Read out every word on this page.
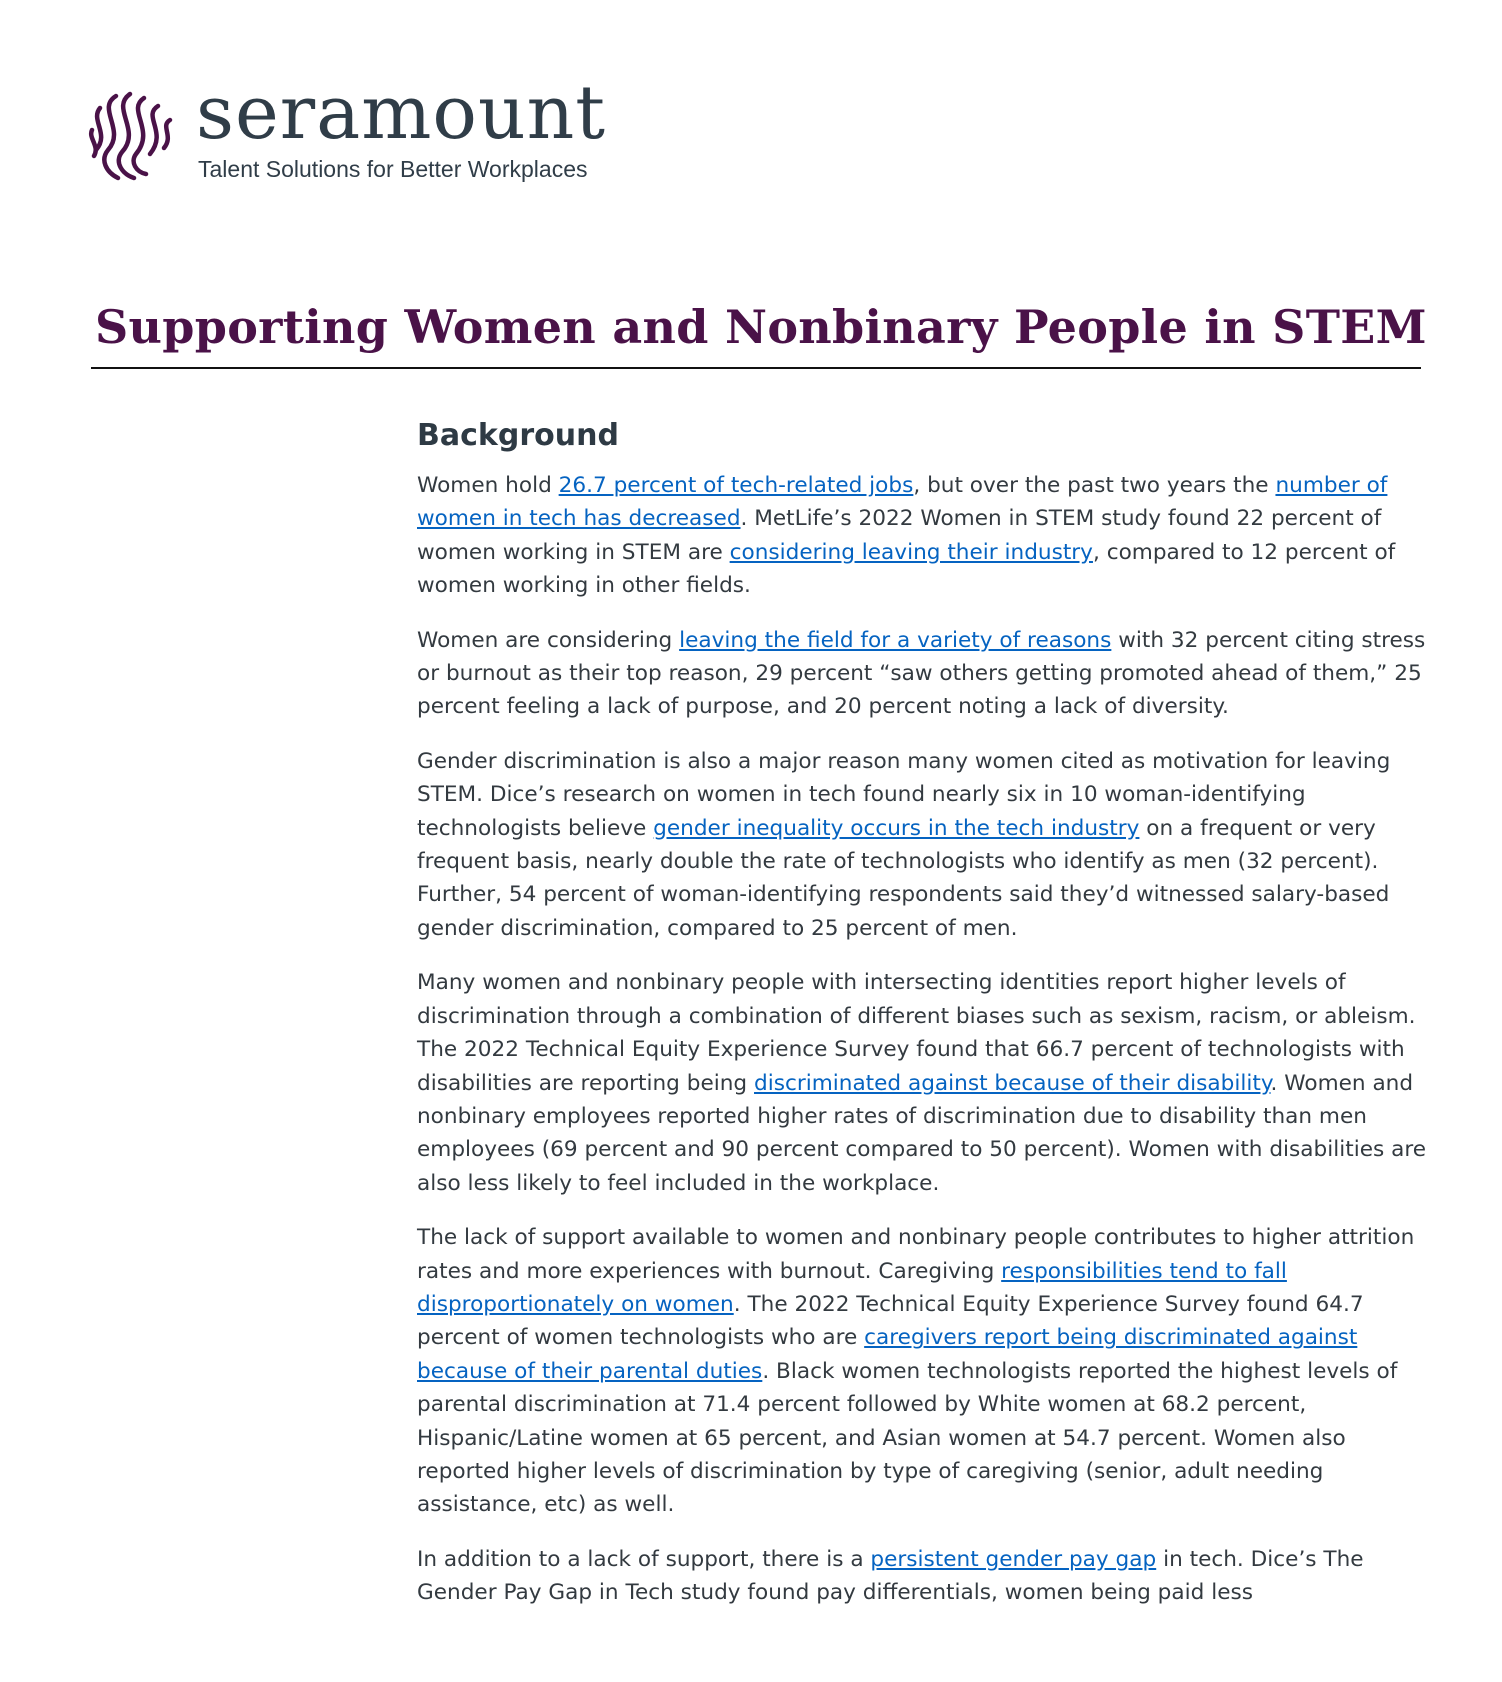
seramount
Talent Solutions for Better Workplaces
Supporting Women and Nonbinary People in STEM
Background

Women hold 26.7 percent of tech-related jobs, but over the past two years the number of women in tech has decreased. MetLife’s 2022 Women in STEM study found 22 percent of women working in STEM are considering leaving their industry, compared to 12 percent of women working in other fields.

Women are considering leaving the field for a variety of reasons with 32 percent citing stress or burnout as their top reason, 29 percent “saw others getting promoted ahead of them,” 25 percent feeling a lack of purpose, and 20 percent noting a lack of diversity.

Gender discrimination is also a major reason many women cited as motivation for leaving STEM. Dice’s research on women in tech found nearly six in 10 woman-identifying technologists believe gender inequality occurs in the tech industry on a frequent or very frequent basis, nearly double the rate of technologists who identify as men (32 percent). Further, 54 percent of woman-identifying respondents said they’d witnessed salary-based gender discrimination, compared to 25 percent of men.

Many women and nonbinary people with intersecting identities report higher levels of discrimination through a combination of different biases such as sexism, racism, or ableism. The 2022 Technical Equity Experience Survey found that 66.7 percent of technologists with disabilities are reporting being discriminated against because of their disability. Women and nonbinary employees reported higher rates of discrimination due to disability than men employees (69 percent and 90 percent compared to 50 percent). Women with disabilities are also less likely to feel included in the workplace.

The lack of support available to women and nonbinary people contributes to higher attrition rates and more experiences with burnout. Caregiving responsibilities tend to fall disproportionately on women. The 2022 Technical Equity Experience Survey found 64.7 percent of women technologists who are caregivers report being discriminated against because of their parental duties. Black women technologists reported the highest levels of parental discrimination at 71.4 percent followed by White women at 68.2 percent, Hispanic/Latine women at 65 percent, and Asian women at 54.7 percent. Women also reported higher levels of discrimination by type of caregiving (senior, adult needing assistance, etc) as well.

In addition to a lack of support, there is a persistent gender pay gap in tech. Dice’s The Gender Pay Gap in Tech study found pay differentials, women being paid less
